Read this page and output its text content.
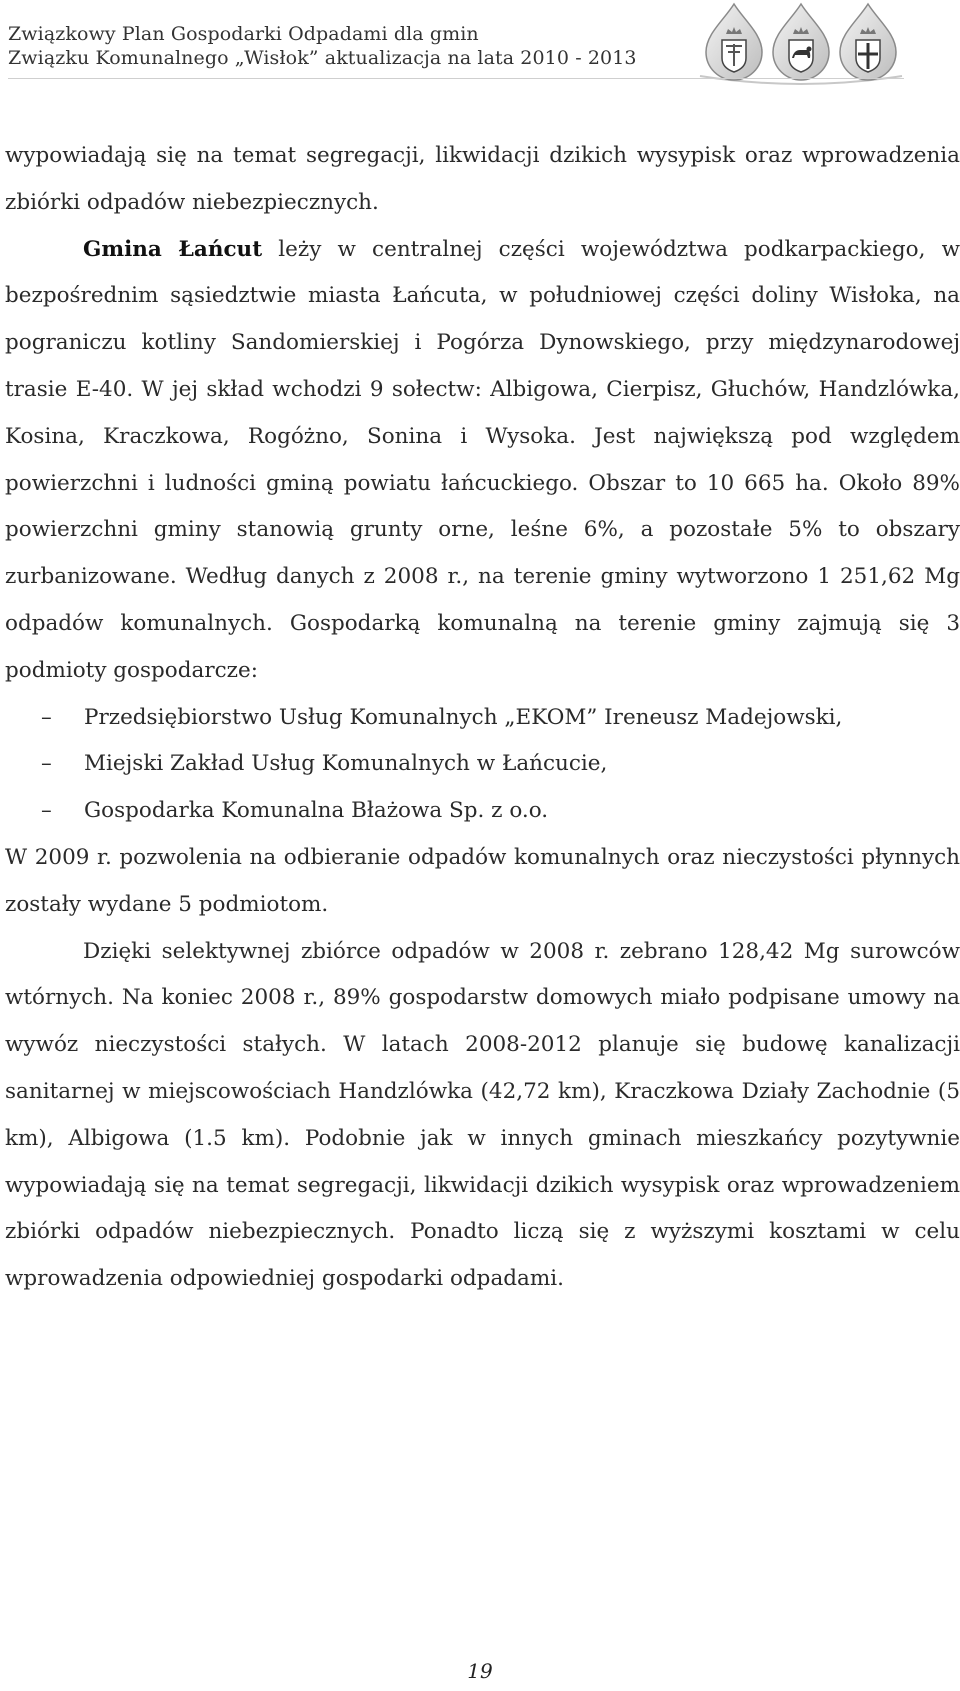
Związkowy Plan Gospodarki Odpadami dla gmin
Związku Komunalnego „Wisłok” aktualizacja na lata 2010 - 2013

wypowiadają się na temat segregacji, likwidacji dzikich wysypisk oraz wprowadzenia zbiórki odpadów niebezpiecznych.

Gmina Łańcut leży w centralnej części województwa podkarpackiego, w bezpośrednim sąsiedztwie miasta Łańcuta, w południowej części doliny Wisłoka, na pograniczu kotliny Sandomierskiej i Pogórza Dynowskiego, przy międzynarodowej trasie E-40. W jej skład wchodzi 9 sołectw: Albigowa, Cierpisz, Głuchów, Handzlówka, Kosina, Kraczkowa, Rogóżno, Sonina i Wysoka. Jest największą pod względem powierzchni i ludności gminą powiatu łańcuckiego. Obszar to 10 665 ha. Około 89% powierzchni gminy stanowią grunty orne, leśne 6%, a pozostałe 5% to obszary zurbanizowane. Według danych z 2008 r., na terenie gminy wytworzono 1 251,62 Mg odpadów komunalnych. Gospodarką komunalną na terenie gminy zajmują się 3 podmioty gospodarcze:

– Przedsiębiorstwo Usług Komunalnych „EKOM” Ireneusz Madejowski,
– Miejski Zakład Usług Komunalnych w Łańcucie,
– Gospodarka Komunalna Błażowa Sp. z o.o.

W 2009 r. pozwolenia na odbieranie odpadów komunalnych oraz nieczystości płynnych zostały wydane 5 podmiotom.

Dzięki selektywnej zbiórce odpadów w 2008 r. zebrano 128,42 Mg surowców wtórnych. Na koniec 2008 r., 89% gospodarstw domowych miało podpisane umowy na wywóz nieczystości stałych. W latach 2008-2012 planuje się budowę kanalizacji sanitarnej w miejscowościach Handzlówka (42,72 km), Kraczkowa Działy Zachodnie (5 km), Albigowa (1.5 km). Podobnie jak w innych gminach mieszkańcy pozytywnie wypowiadają się na temat segregacji, likwidacji dzikich wysypisk oraz wprowadzeniem zbiórki odpadów niebezpiecznych. Ponadto liczą się z wyższymi kosztami w celu wprowadzenia odpowiedniej gospodarki odpadami.

19
